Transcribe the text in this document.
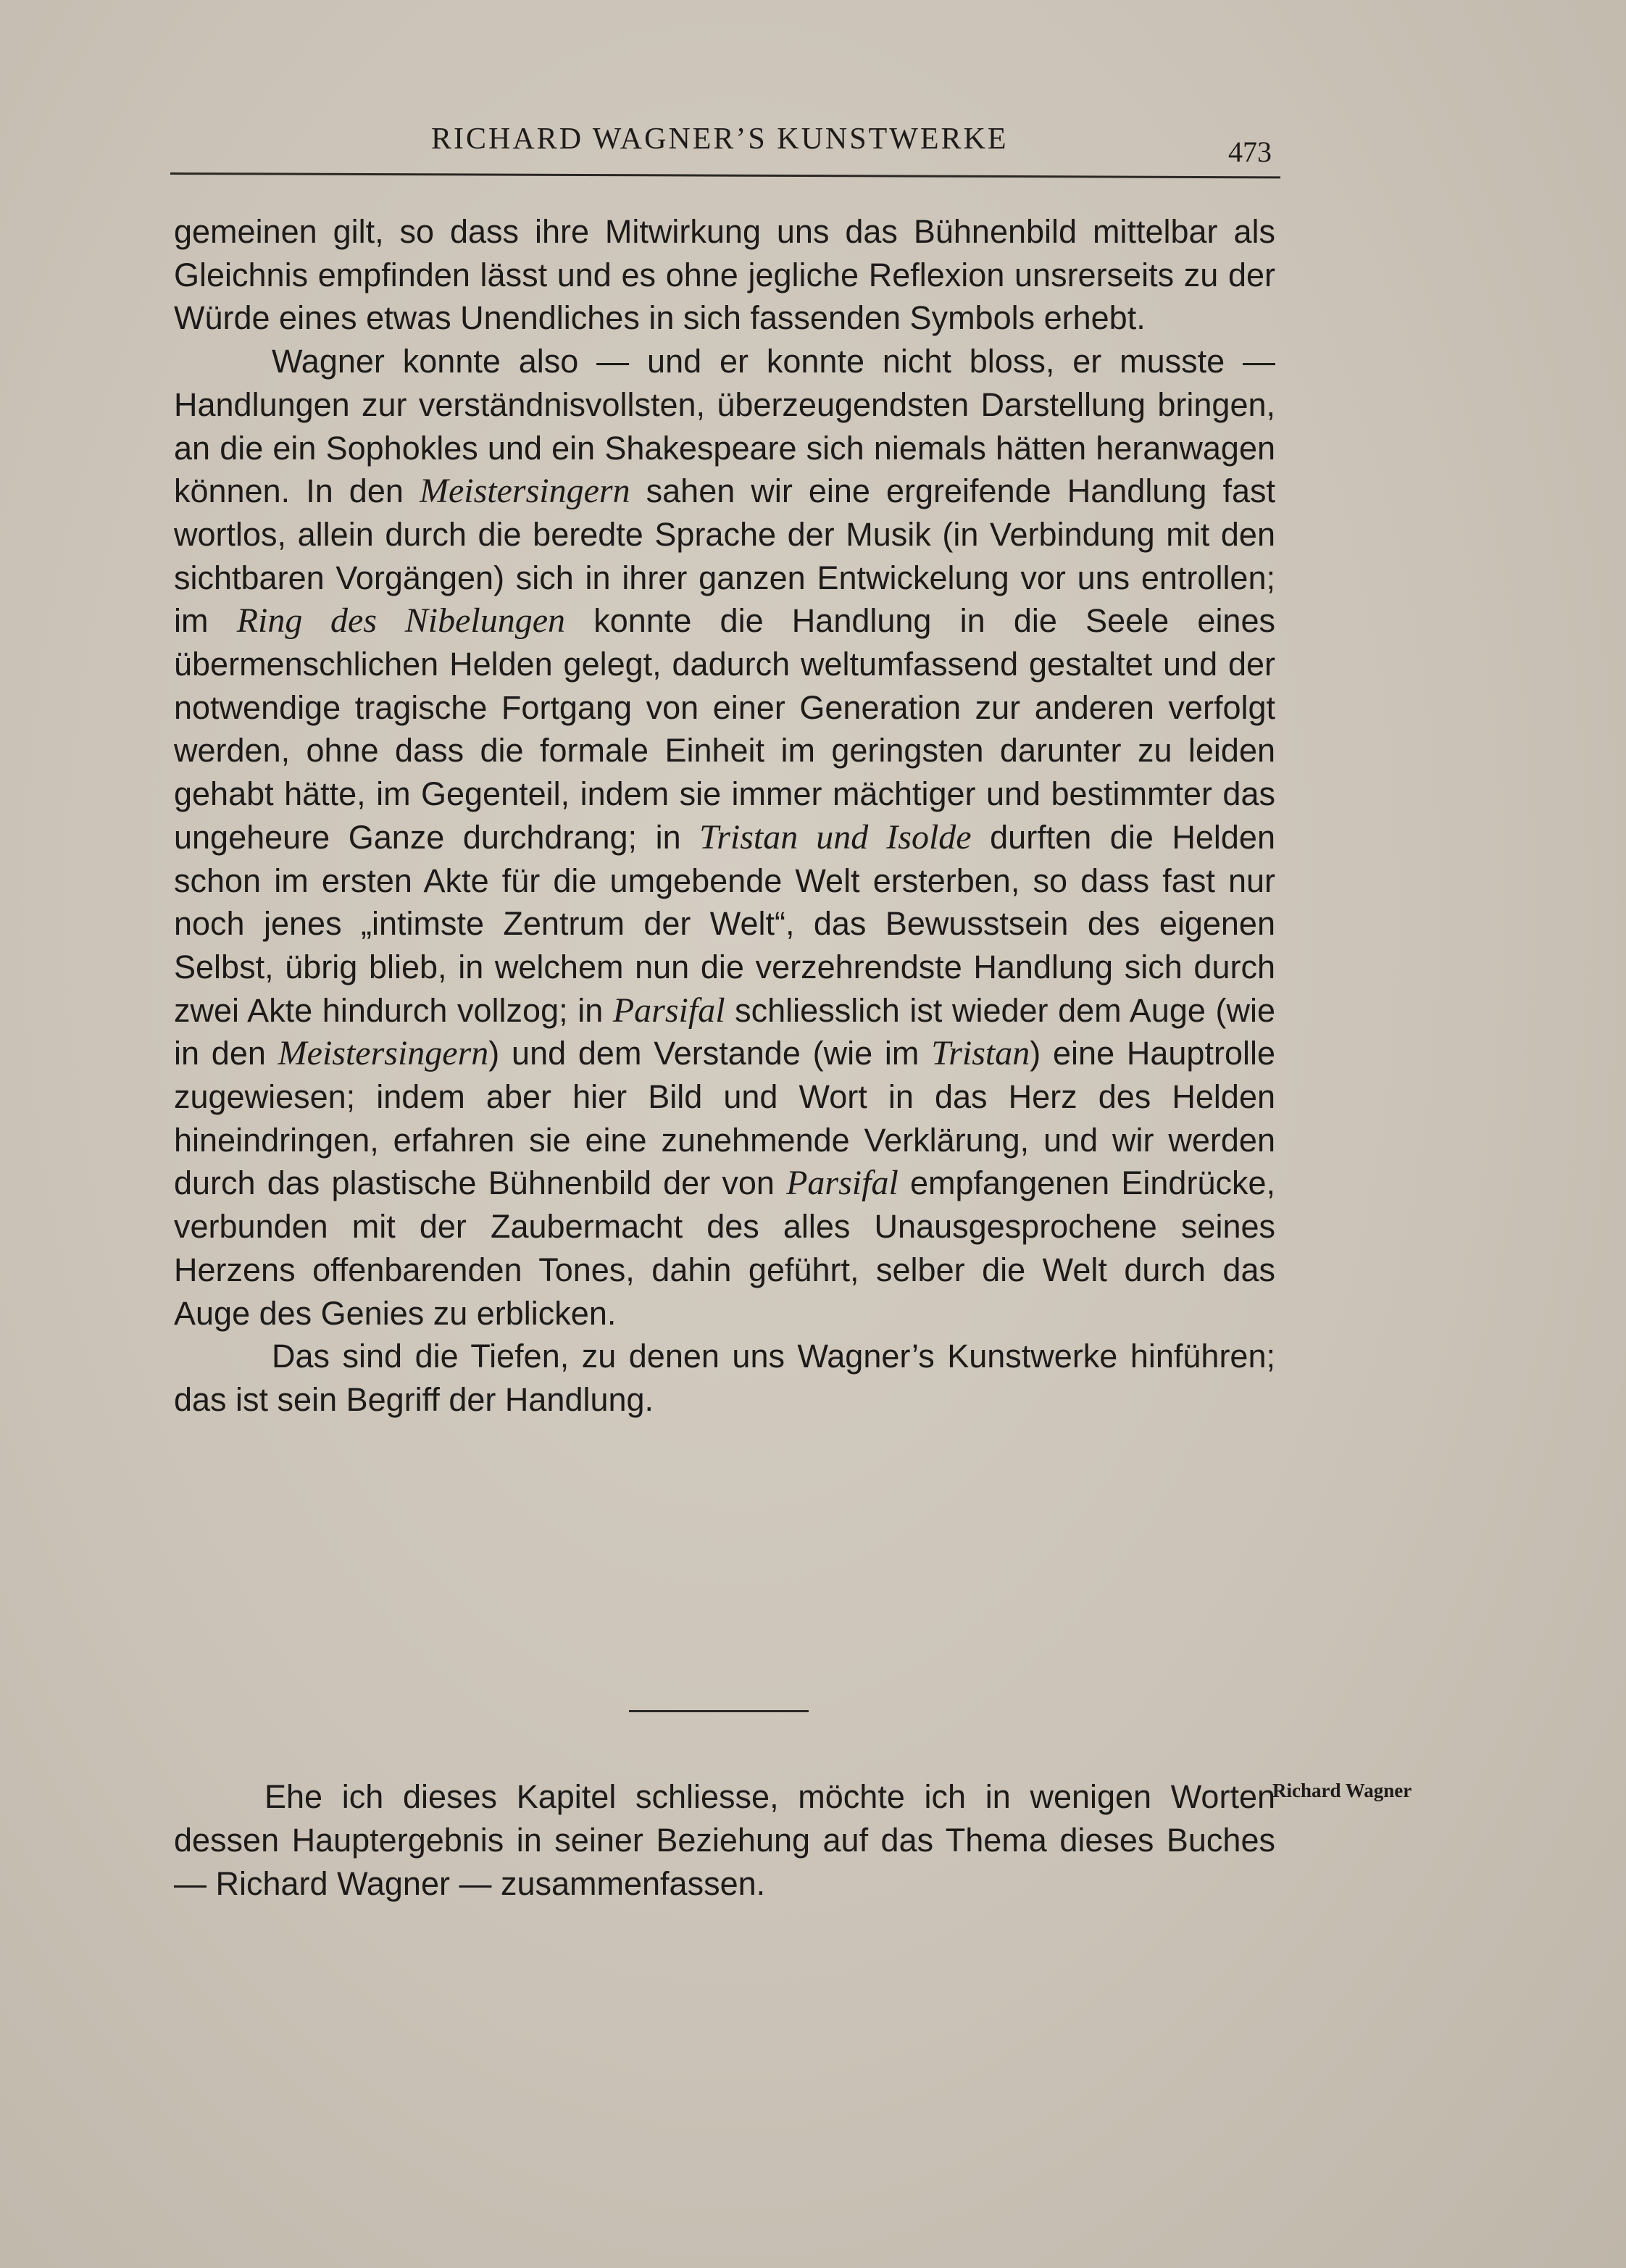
RICHARD WAGNER’S KUNSTWERKE	473

gemeinen gilt, so dass ihre Mitwirkung uns das Bühnenbild mittelbar als Gleichnis empfinden lässt und es ohne jegliche Reflexion unsrerseits zu der Würde eines etwas Unendliches in sich fassenden Symbols erhebt.

Wagner konnte also — und er konnte nicht bloss, er musste — Handlungen zur verständnisvollsten, überzeugendsten Darstellung bringen, an die ein Sophokles und ein Shakespeare sich niemals hätten heranwagen können. In den Meistersingern sahen wir eine ergreifende Handlung fast wortlos, allein durch die beredte Sprache der Musik (in Verbindung mit den sichtbaren Vorgängen) sich in ihrer ganzen Entwickelung vor uns entrollen; im Ring des Nibelungen konnte die Handlung in die Seele eines übermenschlichen Helden gelegt, dadurch weltumfassend gestaltet und der notwendige tragische Fortgang von einer Generation zur anderen verfolgt werden, ohne dass die formale Einheit im geringsten darunter zu leiden gehabt hätte, im Gegenteil, indem sie immer mächtiger und bestimmter das ungeheure Ganze durchdrang; in Tristan und Isolde durften die Helden schon im ersten Akte für die umgebende Welt ersterben, so dass fast nur noch jenes „intimste Zentrum der Welt“, das Bewusstsein des eigenen Selbst, übrig blieb, in welchem nun die verzehrendste Handlung sich durch zwei Akte hindurch vollzog; in Parsifal schliesslich ist wieder dem Auge (wie in den Meistersingern) und dem Verstande (wie im Tristan) eine Hauptrolle zugewiesen; indem aber hier Bild und Wort in das Herz des Helden hineindringen, erfahren sie eine zunehmende Verklärung, und wir werden durch das plastische Bühnenbild der von Parsifal empfangenen Eindrücke, verbunden mit der Zaubermacht des alles Unausgesprochene seines Herzens offenbarenden Tones, dahin geführt, selber die Welt durch das Auge des Genies zu erblicken.

Das sind die Tiefen, zu denen uns Wagner’s Kunstwerke hinführen; das ist sein Begriff der Handlung.

Ehe ich dieses Kapitel schliesse, möchte ich in wenigen Worten dessen Hauptergebnis in seiner Beziehung auf das Thema dieses Buches — Richard Wagner — zusammenfassen.

Richard Wagner
